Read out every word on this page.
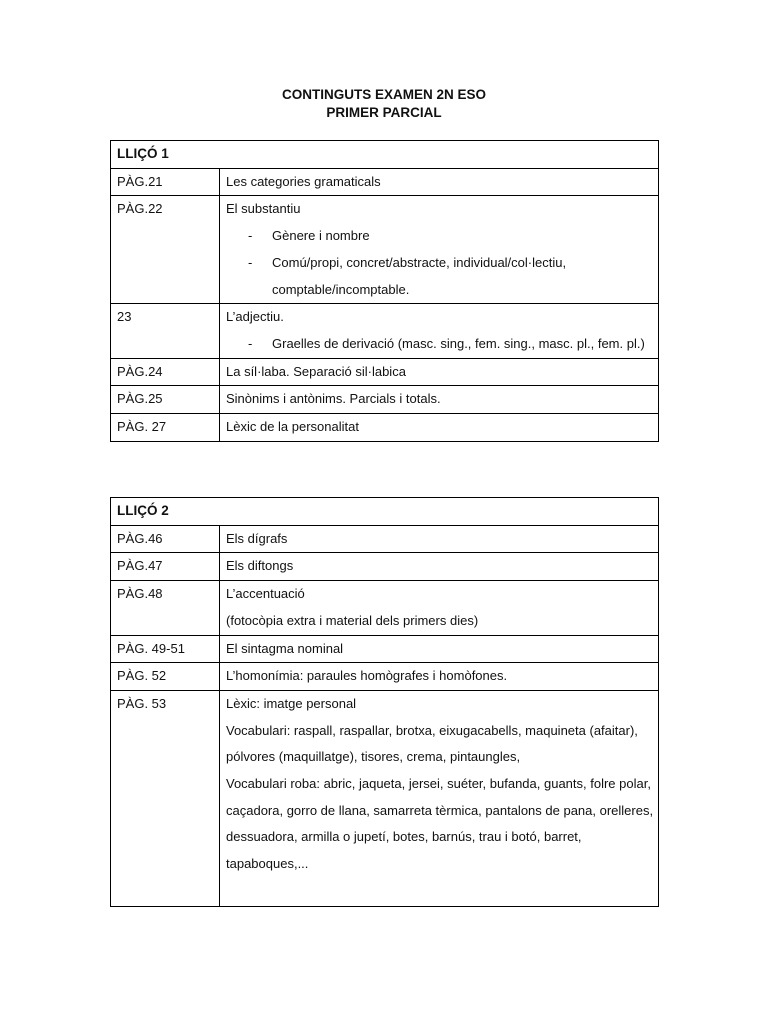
CONTINGUTS EXAMEN 2N ESO
PRIMER PARCIAL
LLIÇÓ 1	
PÀG.21	Les categories gramaticals
PÀG.22	El substantiu
- Gènere i nombre
- Comú/propi, concret/abstracte, individual/col·lectiu, comptable/incomptable.

23	L’adjectiu.
- Graelles de derivació (masc. sing., fem. sing., masc. pl., fem. pl.)

PÀG.24	La síl·laba. Separació sil·labica
PÀG.25	Sinònims i antònims. Parcials i totals.
PÀG. 27	Lèxic de la personalitat
LLIÇÓ 2	
PÀG.46	Els dígrafs
PÀG.47	Els diftongs
PÀG.48	L’accentuació
(fotocòpia extra i material dels primers dies)

PÀG. 49-51	El sintagma nominal
PÀG. 52	L’homonímia: paraules homògrafes i homòfones.
PÀG. 53	Lèxic: imatge personal
Vocabulari: raspall, raspallar, brotxa, eixugacabells, maquineta (afaitar), pólvores (maquillatge), tisores, crema, pintaungles,
Vocabulari roba: abric, jaqueta, jersei, suéter, bufanda, guants, folre polar, caçadora, gorro de llana, samarreta tèrmica, pantalons de pana, orelleres, dessuadora, armilla o jupetí, botes, barnús, trau i botó, barret, tapaboques,...
